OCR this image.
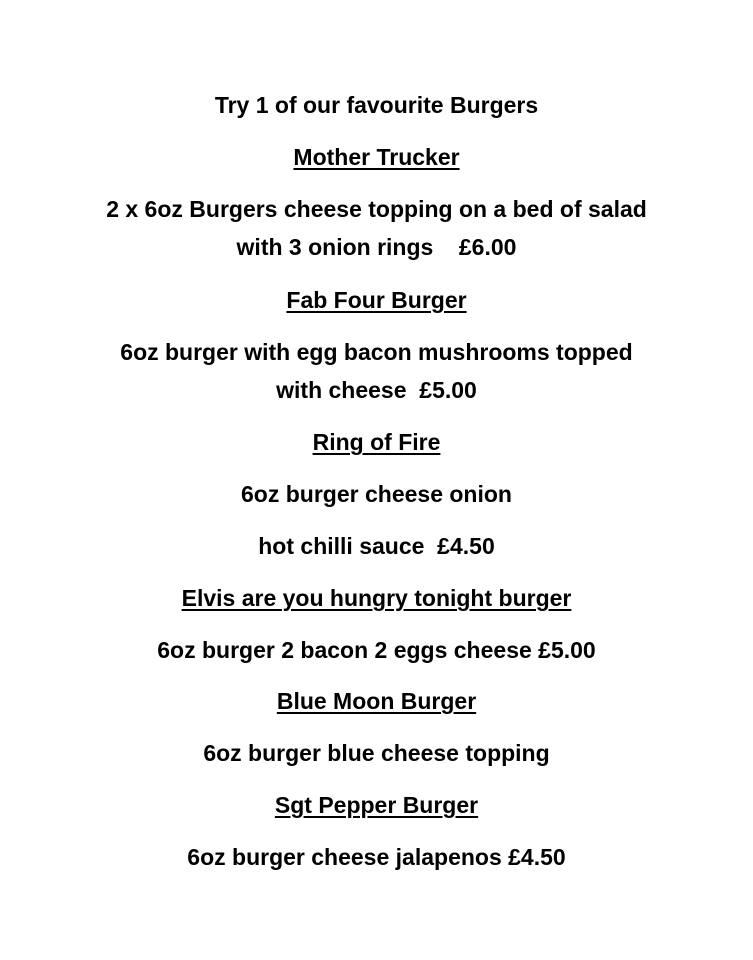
Try 1 of our favourite Burgers
Mother Trucker
2 x 6oz Burgers cheese topping on a bed of salad
with 3 onion rings    £6.00
Fab Four Burger
6oz burger with egg bacon mushrooms topped
with cheese  £5.00
Ring of Fire
6oz burger cheese onion
hot chilli sauce  £4.50
Elvis are you hungry tonight burger
6oz burger 2 bacon 2 eggs cheese £5.00
Blue Moon Burger
6oz burger blue cheese topping
Sgt Pepper Burger
6oz burger cheese jalapenos £4.50
